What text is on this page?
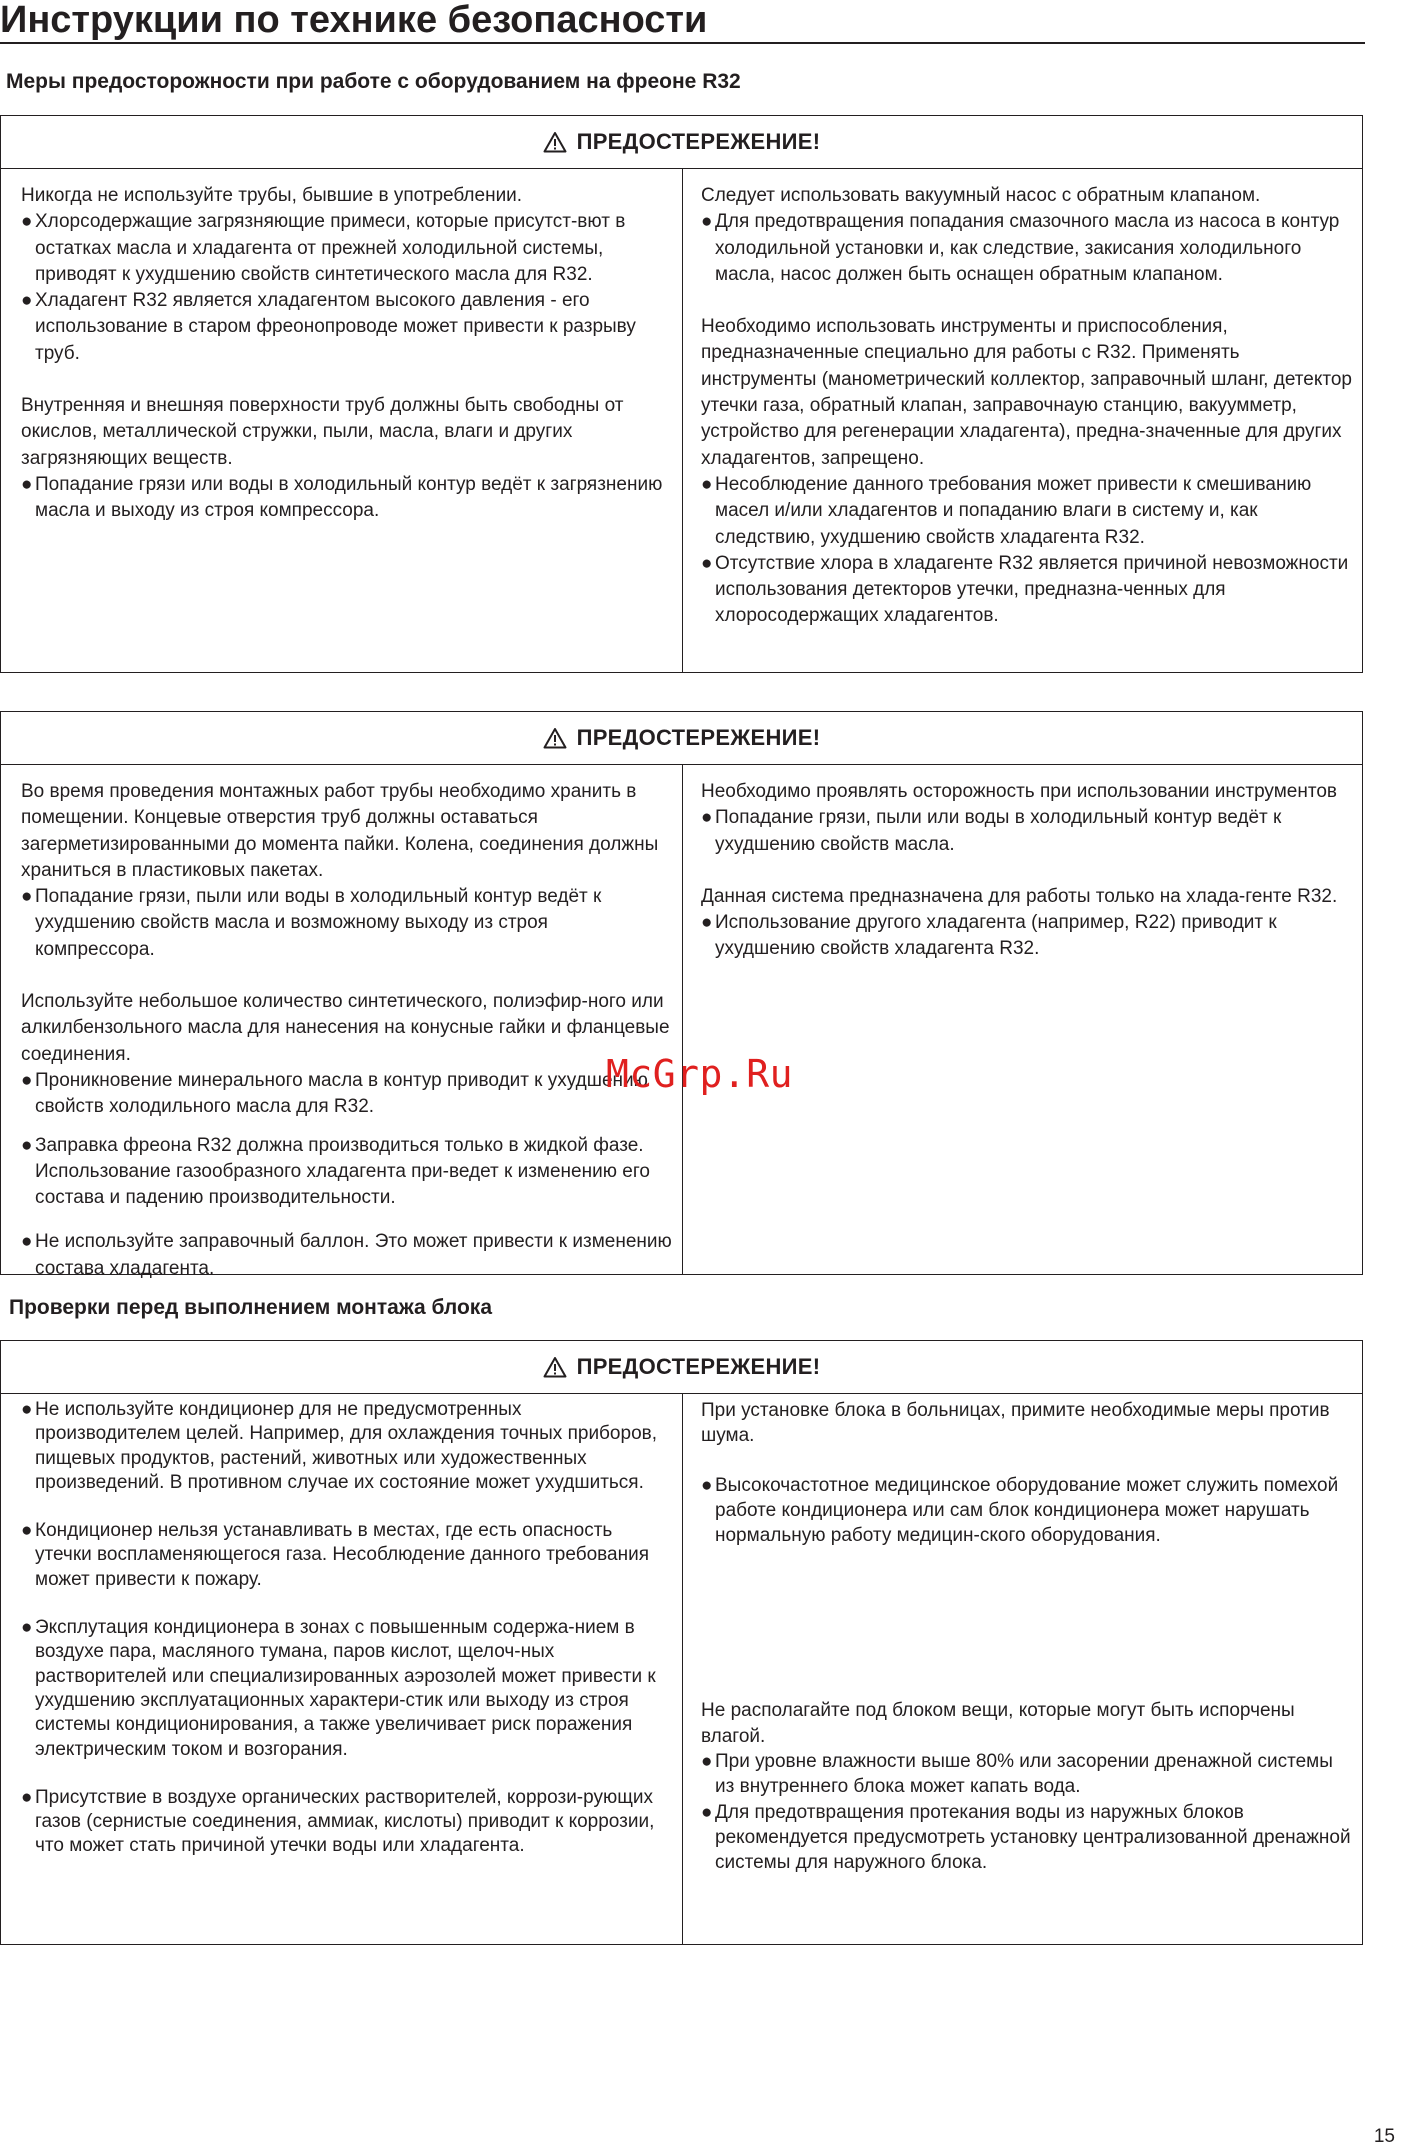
Инструкции по технике безопасности
Меры предосторожности при работе с оборудованием на фреоне R32
ПРЕДОСТЕРЕЖЕНИЕ!

Никогда не используйте трубы, бывшие в употреблении.

● Хлорсодержащие загрязняющие примеси, которые присутст-вют в остатках масла и хладагента от прежней холодильной системы, приводят к ухудшению свойств синтетического масла для R32.

● Хладагент R32 является хладагентом высокого давления - его использование в старом фреонопроводе может привести к разрыву труб.

Внутренняя и внешняя поверхности труб должны быть свободны от окислов, металлической стружки, пыли, масла, влаги и других загрязняющих веществ.

● Попадание грязи или воды в холодильный контур ведёт к загрязнению масла и выходу из строя компрессора.

Следует использовать вакуумный насос с обратным клапаном.

● Для предотвращения попадания смазочного масла из насоса в контур холодильной установки и, как следствие, закисания холодильного масла, насос должен быть оснащен обратным клапаном.

Необходимо использовать инструменты и приспособления, предназначенные специально для работы с R32. Применять инструменты (манометрический коллектор, заправочный шланг, детектор утечки газа, обратный клапан, заправочнаую станцию, вакуумметр, устройство для регенерации хладагента), предна-значенные для других хладагентов, запрещено.

● Несоблюдение данного требования может привести к смешиванию масел и/или хладагентов и попаданию влаги в систему и, как следствию, ухудшению свойств хладагента R32.

● Отсутствие хлора в хладагенте R32 является причиной невозможности использования детекторов утечки, предназна-ченных для хлоросодержащих хладагентов.

ПРЕДОСТЕРЕЖЕНИЕ!

Во время проведения монтажных работ трубы необходимо хранить в помещении. Концевые отверстия труб должны оставаться загерметизированными до момента пайки. Колена, соединения должны храниться в пластиковых пакетах.

● Попадание грязи, пыли или воды в холодильный контур ведёт к ухудшению свойств масла и возможному выходу из строя компрессора.

Используйте небольшое количество синтетического, полиэфир-ного или алкилбензольного масла для нанесения на конусные гайки и фланцевые соединения.

● Проникновение минерального масла в контур приводит к ухудшению свойств холодильного масла для R32.

● Заправка фреона R32 должна производиться только в жидкой фазе. Использование газообразного хладагента при-ведет к изменению его состава и падению производительности.

● Не используйте заправочный баллон. Это может привести к изменению состава хладагента.

Необходимо проявлять осторожность при использовании инструментов

● Попадание грязи, пыли или воды в холодильный контур ведёт к ухудшению свойств масла.

Данная система предназначена для работы только на хлада-генте R32.

● Использование другого хладагента (например, R22) приводит к ухудшению свойств хладагента R32.

McGrp.Ru
Проверки перед выполнением монтажа блока
ПРЕДОСТЕРЕЖЕНИЕ!

● Не используйте кондиционер для не предусмотренных производителем целей. Например, для охлаждения точных приборов, пищевых продуктов, растений, животных или художественных произведений. В противном случае их состояние может ухудшиться.

● Кондиционер нельзя устанавливать в местах, где есть опасность утечки воспламеняющегося газа. Несоблюдение данного требования может привести к пожару.

● Эксплутация кондиционера в зонах с повышенным содержа-нием в воздухе пара, масляного тумана, паров кислот, щелоч-ных растворителей или специализированных аэрозолей может привести к ухудшению эксплуатационных характери-стик или выходу из строя системы кондиционирования, а также увеличивает риск поражения электрическим током и возгорания.

● Присутствие в воздухе органических растворителей, коррози-рующих газов (сернистые соединения, аммиак, кислоты) приводит к коррозии, что может стать причиной утечки воды или хладагента.

При установке блока в больницах, примите необходимые меры против шума.

● Высокочастотное медицинское оборудование может служить помехой работе кондиционера или сам блок кондиционера может нарушать нормальную работу медицин-ского оборудования.

Не располагайте под блоком вещи, которые могут быть испорчены влагой.

● При уровне влажности выше 80% или засорении дренажной системы из внутреннего блока может капать вода.

● Для предотвращения протекания воды из наружных блоков рекомендуется предусмотреть установку централизованной дренажной системы для наружного блока.

15
